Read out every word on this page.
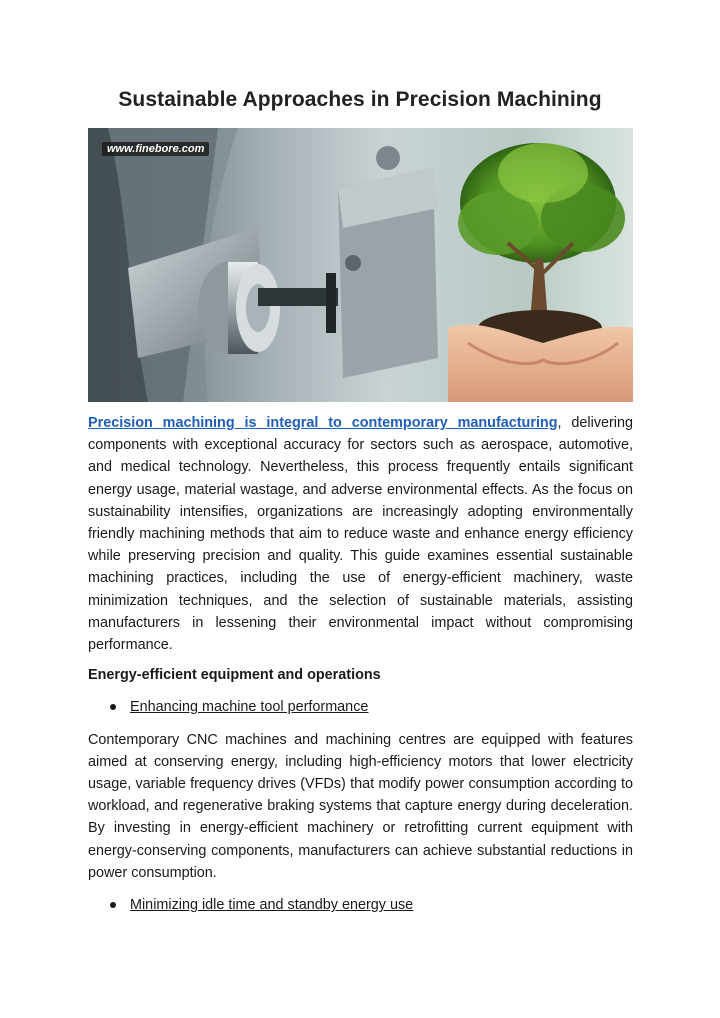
Sustainable Approaches in Precision Machining
www.finebore.com

Precision machining is integral to contemporary manufacturing, delivering components with exceptional accuracy for sectors such as aerospace, automotive, and medical technology. Nevertheless, this process frequently entails significant energy usage, material wastage, and adverse environmental effects. As the focus on sustainability intensifies, organizations are increasingly adopting environmentally friendly machining methods that aim to reduce waste and enhance energy efficiency while preserving precision and quality. This guide examines essential sustainable machining practices, including the use of energy-efficient machinery, waste minimization techniques, and the selection of sustainable materials, assisting manufacturers in lessening their environmental impact without compromising performance.

Energy-efficient equipment and operations

Enhancing machine tool performance

Contemporary CNC machines and machining centres are equipped with features aimed at conserving energy, including high-efficiency motors that lower electricity usage, variable frequency drives (VFDs) that modify power consumption according to workload, and regenerative braking systems that capture energy during deceleration. By investing in energy-efficient machinery or retrofitting current equipment with energy-conserving components, manufacturers can achieve substantial reductions in power consumption.

Minimizing idle time and standby energy use
